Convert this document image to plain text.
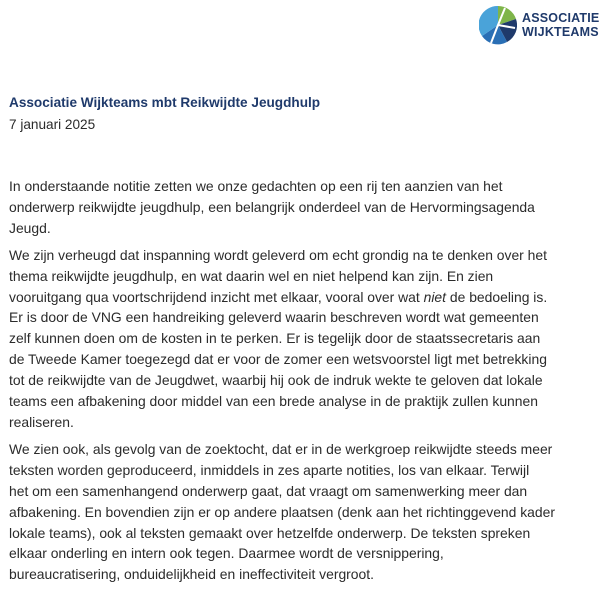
ASSOCIATIE
WIJKTEAMS
Associatie Wijkteams mbt Reikwijdte Jeugdhulp
7 januari 2025

In onderstaande notitie zetten we onze gedachten op een rij ten aanzien van het
onderwerp reikwijdte jeugdhulp, een belangrijk onderdeel van de Hervormingsagenda
Jeugd.

We zijn verheugd dat inspanning wordt geleverd om echt grondig na te denken over het
thema reikwijdte jeugdhulp, en wat daarin wel en niet helpend kan zijn. En zien
vooruitgang qua voortschrijdend inzicht met elkaar, vooral over wat niet de bedoeling is.
Er is door de VNG een handreiking geleverd waarin beschreven wordt wat gemeenten
zelf kunnen doen om de kosten in te perken. Er is tegelijk door de staatssecretaris aan
de Tweede Kamer toegezegd dat er voor de zomer een wetsvoorstel ligt met betrekking
tot de reikwijdte van de Jeugdwet, waarbij hij ook de indruk wekte te geloven dat lokale
teams een afbakening door middel van een brede analyse in de praktijk zullen kunnen
realiseren.

We zien ook, als gevolg van de zoektocht, dat er in de werkgroep reikwijdte steeds meer
teksten worden geproduceerd, inmiddels in zes aparte notities, los van elkaar. Terwijl
het om een samenhangend onderwerp gaat, dat vraagt om samenwerking meer dan
afbakening. En bovendien zijn er op andere plaatsen (denk aan het richtinggevend kader
lokale teams), ook al teksten gemaakt over hetzelfde onderwerp. De teksten spreken
elkaar onderling en intern ook tegen. Daarmee wordt de versnippering,
bureaucratisering, onduidelijkheid en ineffectiviteit vergroot.
